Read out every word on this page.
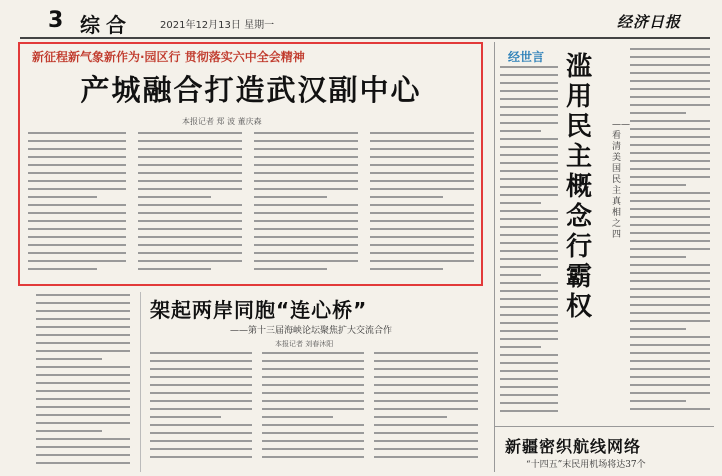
3 综合	2021年12月13日 星期一	经济日报
新征程新气象新作为·园区行 贯彻落实六中全会精神
产城融合打造武汉副中心
本报记者 郑 波 董庆森
架起两岸同胞“连心桥”
——第十三届海峡论坛聚焦扩大交流合作
本报记者 刘春沐阳
经世言 滥用民主概念行霸权
——看清美国民主真相之四
新疆密织航线网络
“十四五”末民用机场将达37个
